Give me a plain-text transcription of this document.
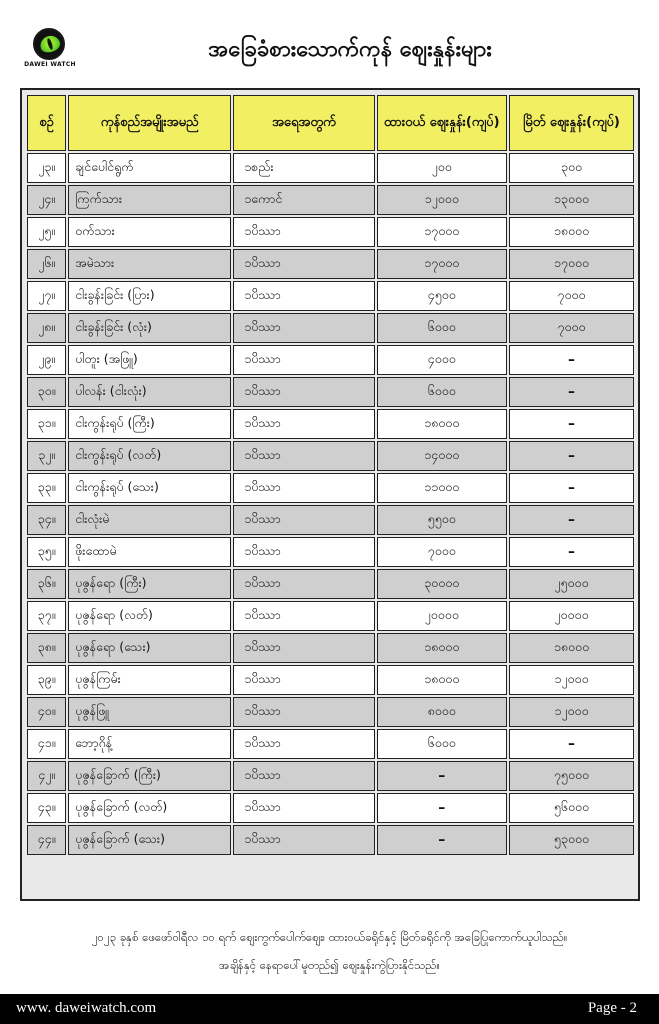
DAWEI WATCH
အခြေခံစားသောက်ကုန် ဈေးနှုန်းများ
စဉ်	ကုန်စည်အမျိုးအမည်	အရေအတွက်	ထားဝယ် ဈေးနှုန်း(ကျပ်)	မြိတ် ဈေးနှုန်း(ကျပ်)
၂၃။	ချင်ပေါင်ရွက်	၁စည်း	၂၀၀	၃၀၀
၂၄။	ကြက်သား	၁ကောင်	၁၂၀၀၀	၁၃၀၀၀
၂၅။	ဝက်သား	၁ပိဿာ	၁၇၀၀၀	၁၈၀၀၀
၂၆။	အမဲသား	၁ပိဿာ	၁၇၀၀၀	၁၇၀၀၀
၂၇။	ငါးခွန်းခြင်း (ပြား)	၁ပိဿာ	၄၅၀၀	၇၀၀၀
၂၈။	ငါးခွန်းခြင်း (လုံး)	၁ပိဿာ	၆၀၀၀	၇၀၀၀
၂၉။	ပါတူး (အဖြူ)	၁ပိဿာ	၄၀၀၀	–
၃၀။	ပါလန်း (ငါးလုံး)	၁ပိဿာ	၆၀၀၀	–
၃၁။	ငါးကွန်းရုပ် (ကြီး)	၁ပိဿာ	၁၈၀၀၀	–
၃၂။	ငါးကွန်းရုပ် (လတ်)	၁ပိဿာ	၁၄၀၀၀	–
၃၃။	ငါးကွန်းရုပ် (သေး)	၁ပိဿာ	၁၁၀၀၀	–
၃၄။	ငါးလုံးမဲ	၁ပိဿာ	၅၅၀၀	–
၃၅။	ဖိုးထောမဲ	၁ပိဿာ	၇၀၀၀	–
၃၆။	ပုဇွန်ရော (ကြီး)	၁ပိဿာ	၃၀၀၀၀	၂၅၀၀၀
၃၇။	ပုဇွန်ရော (လတ်)	၁ပိဿာ	၂၀၀၀၀	၂၀၀၀၀
၃၈။	ပုဇွန်ရော (သေး)	၁ပိဿာ	၁၈၀၀၀	၁၈၀၀၀
၃၉။	ပုဇွန်ကြမ်း	၁ပိဿာ	၁၈၀၀၀	၁၂၀၀၀
၄၀။	ပုဇွန်ဖြူ	၁ပိဿာ	၈၀၀၀	၁၂၀၀၀
၄၁။	ဘော့ဂိုန့်	၁ပိဿာ	၆၀၀၀	–
၄၂။	ပုဇွန်ခြောက် (ကြီး)	၁ပိဿာ	–	၇၅၀၀၀
၄၃။	ပုဇွန်ခြောက် (လတ်)	၁ပိဿာ	–	၅၆၀၀၀
၄၄။	ပုဇွန်ခြောက် (သေး)	၁ပိဿာ	–	၅၃၀၀၀
၂၀၂၃ ခုနှစ် ဖေဖော်ဝါရီလ ၁၀ ရက် ဈေးကွက်ပေါက်ဈေး၊ ထားဝယ်ခရိုင်နှင့် မြိတ်ခရိုင်ကို အခြေပြုကောက်ယူပါသည်။
အချိန်နှင့် နေရာပေါ်မူတည်၍ ဈေးနှုန်းကွဲပြားနိုင်သည်။
www. daweiwatch.com	Page - 2
